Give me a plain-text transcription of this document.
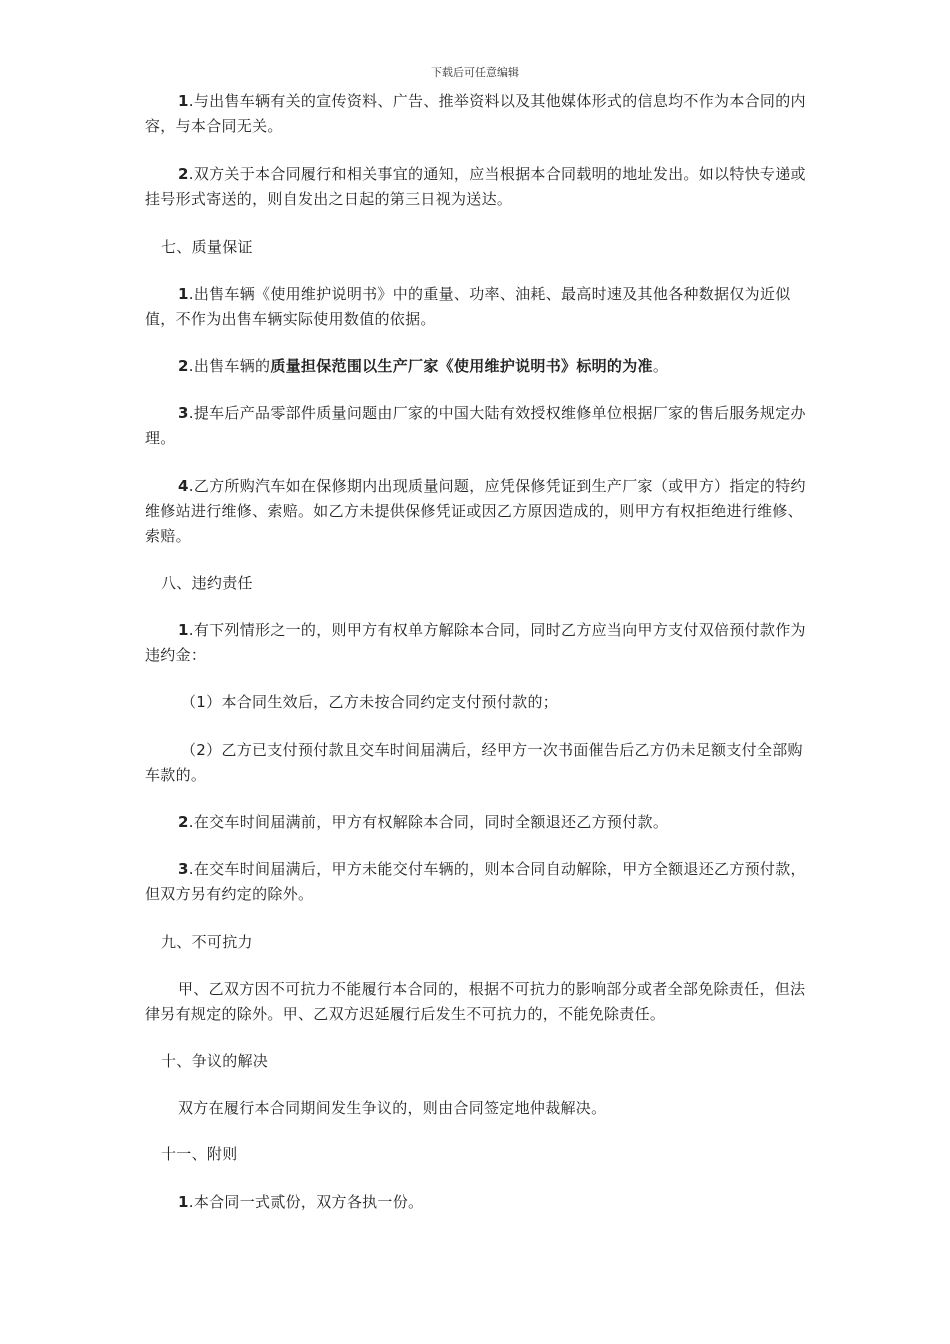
下载后可任意编辑
1.与出售车辆有关的宣传资料、广告、推举资料以及其他媒体形式的信息均不作为本合同的内容，与本合同无关。
2.双方关于本合同履行和相关事宜的通知，应当根据本合同载明的地址发出。如以特快专递或挂号形式寄送的，则自发出之日起的第三日视为送达。
七、质量保证
1.出售车辆《使用维护说明书》中的重量、功率、油耗、最高时速及其他各种数据仅为近似值，不作为出售车辆实际使用数值的依据。
2.出售车辆的质量担保范围以生产厂家《使用维护说明书》标明的为准。
3.提车后产品零部件质量问题由厂家的中国大陆有效授权维修单位根据厂家的售后服务规定办理。
4.乙方所购汽车如在保修期内出现质量问题，应凭保修凭证到生产厂家（或甲方）指定的特约维修站进行维修、索赔。如乙方未提供保修凭证或因乙方原因造成的，则甲方有权拒绝进行维修、索赔。
八、违约责任
1.有下列情形之一的，则甲方有权单方解除本合同，同时乙方应当向甲方支付双倍预付款作为违约金：
（1）本合同生效后，乙方未按合同约定支付预付款的；
（2）乙方已支付预付款且交车时间届满后，经甲方一次书面催告后乙方仍未足额支付全部购车款的。
2.在交车时间届满前，甲方有权解除本合同，同时全额退还乙方预付款。
3.在交车时间届满后，甲方未能交付车辆的，则本合同自动解除，甲方全额退还乙方预付款，但双方另有约定的除外。
九、不可抗力
甲、乙双方因不可抗力不能履行本合同的，根据不可抗力的影响部分或者全部免除责任，但法律另有规定的除外。甲、乙双方迟延履行后发生不可抗力的，不能免除责任。
十、争议的解决
双方在履行本合同期间发生争议的，则由合同签定地仲裁解决。
十一、附则
1.本合同一式贰份，双方各执一份。
